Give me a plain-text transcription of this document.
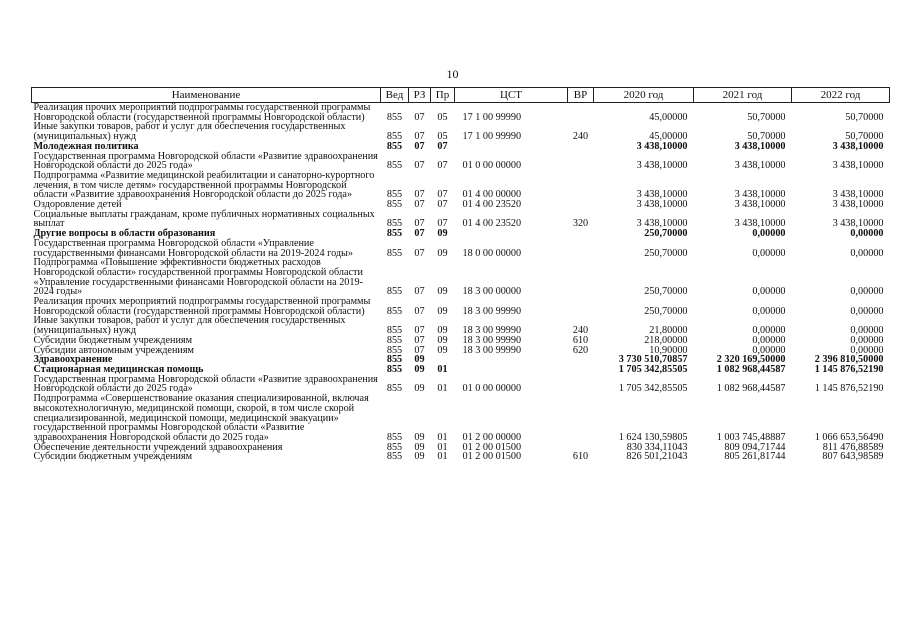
10
Наименование	Вед	РЗ	Пр	ЦСТ	ВР	2020 год	2021 год	2022 год
Реализация прочих мероприятий подпрограммы государственной программы Новгородской области (государственной программы Новгородской области)	855	07	05	17 1 00 99990		45,00000	50,70000	50,70000
Иные закупки товаров, работ и услуг для обеспечения государственных (муниципальных) нужд	855	07	05	17 1 00 99990	240	45,00000	50,70000	50,70000
Молодежная политика	855	07	07			3 438,10000	3 438,10000	3 438,10000
Государственная программа Новгородской области «Развитие здравоохранения Новгородской области до 2025 года»	855	07	07	01 0 00 00000		3 438,10000	3 438,10000	3 438,10000
Подпрограмма «Развитие медицинской реабилитации и санаторно-курортного лечения, в том числе детям» государственной программы Новгородской области «Развитие здравоохранения Новгородской области до 2025 года»	855	07	07	01 4 00 00000		3 438,10000	3 438,10000	3 438,10000
Оздоровление детей	855	07	07	01 4 00 23520		3 438,10000	3 438,10000	3 438,10000
Социальные выплаты гражданам, кроме публичных нормативных социальных выплат	855	07	07	01 4 00 23520	320	3 438,10000	3 438,10000	3 438,10000
Другие вопросы в области образования	855	07	09			250,70000	0,00000	0,00000
Государственная программа Новгородской области «Управление государственными финансами Новгородской области на 2019-2024 годы»	855	07	09	18 0 00 00000		250,70000	0,00000	0,00000
Подпрограмма «Повышение эффективности бюджетных расходов Новгородской области» государственной программы Новгородской области «Управление государственными финансами Новгородской области на 2019-2024 годы»	855	07	09	18 3 00 00000		250,70000	0,00000	0,00000
Реализация прочих мероприятий подпрограммы государственной программы Новгородской области (государственной программы Новгородской области)	855	07	09	18 3 00 99990		250,70000	0,00000	0,00000
Иные закупки товаров, работ и услуг для обеспечения государственных (муниципальных) нужд	855	07	09	18 3 00 99990	240	21,80000	0,00000	0,00000
Субсидии бюджетным учреждениям	855	07	09	18 3 00 99990	610	218,00000	0,00000	0,00000
Субсидии автономным учреждениям	855	07	09	18 3 00 99990	620	10,90000	0,00000	0,00000
Здравоохранение	855	09				3 730 510,70857	2 320 169,50000	2 396 810,50000
Стационарная медицинская помощь	855	09	01			1 705 342,85505	1 082 968,44587	1 145 876,52190
Государственная программа Новгородской области «Развитие здравоохранения Новгородской области до 2025 года»	855	09	01	01 0 00 00000		1 705 342,85505	1 082 968,44587	1 145 876,52190
Подпрограмма «Совершенствование оказания специализированной, включая высокотехнологичную, медицинской помощи, скорой, в том числе скорой специализированной, медицинской помощи, медицинской эвакуации» государственной программы Новгородской области «Развитие здравоохранения Новгородской области до 2025 года»	855	09	01	01 2 00 00000		1 624 130,59805	1 003 745,48887	1 066 653,56490
Обеспечение деятельности учреждений здравоохранения	855	09	01	01 2 00 01500		830 334,11043	809 094,71744	811 476,88589
Субсидии бюджетным учреждениям	855	09	01	01 2 00 01500	610	826 501,21043	805 261,81744	807 643,98589
